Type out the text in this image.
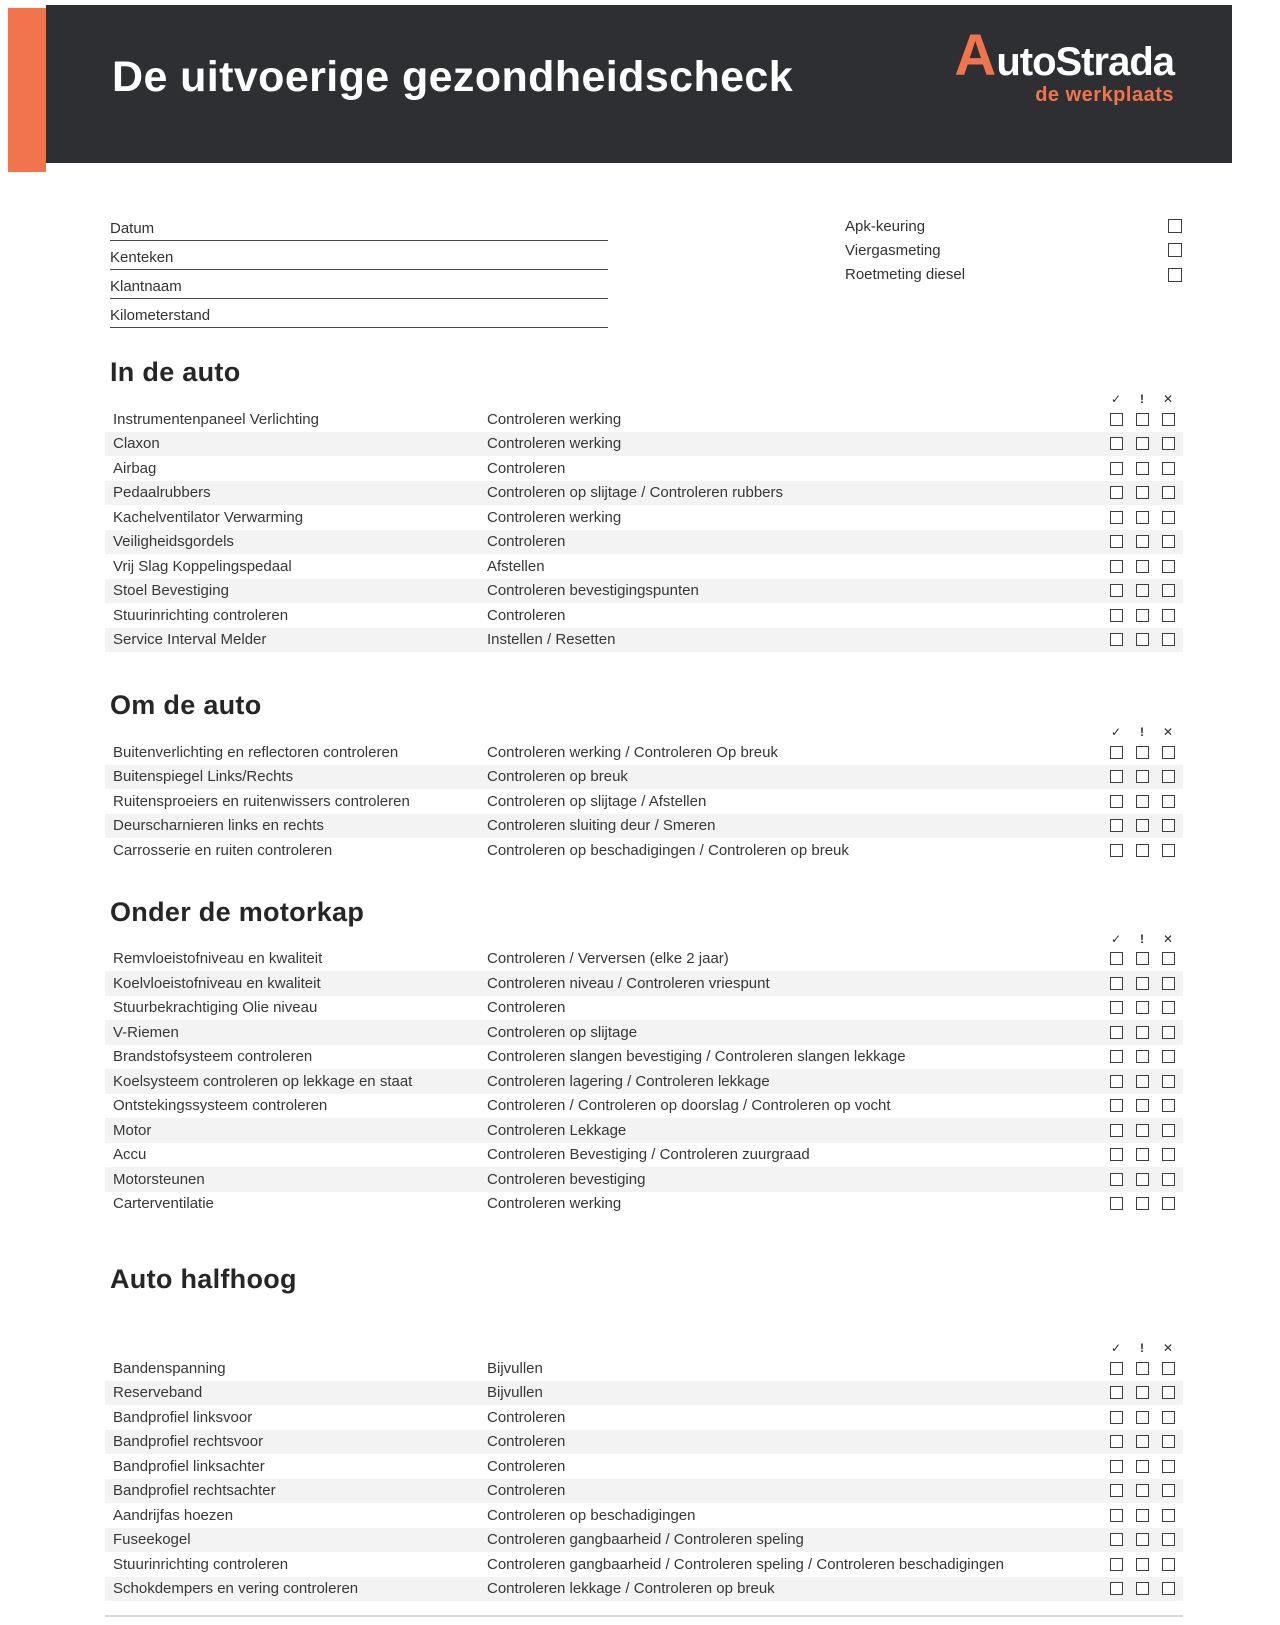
De uitvoerige gezondheidscheck	A utoStrada
de werkplaats
Datum
Kenteken
Klantnaam
Kilometerstand
Apk-keuring
Viergasmeting
Roetmeting diesel
In de auto
✓	!	✕
Instrumentenpaneel Verlichting	Controleren werking
Claxon	Controleren werking
Airbag	Controleren
Pedaalrubbers	Controleren op slijtage / Controleren rubbers
Kachelventilator Verwarming	Controleren werking
Veiligheidsgordels	Controleren
Vrij Slag Koppelingspedaal	Afstellen
Stoel Bevestiging	Controleren bevestigingspunten
Stuurinrichting controleren	Controleren
Service Interval Melder	Instellen / Resetten
Om de auto
✓	!	✕
Buitenverlichting en reflectoren controleren	Controleren werking / Controleren Op breuk
Buitenspiegel Links/Rechts	Controleren op breuk
Ruitensproeiers en ruitenwissers controleren	Controleren op slijtage / Afstellen
Deurscharnieren links en rechts	Controleren sluiting deur / Smeren
Carrosserie en ruiten controleren	Controleren op beschadigingen / Controleren op breuk
Onder de motorkap
✓	!	✕
Remvloeistofniveau en kwaliteit	Controleren / Verversen (elke 2 jaar)
Koelvloeistofniveau en kwaliteit	Controleren niveau / Controleren vriespunt
Stuurbekrachtiging Olie niveau	Controleren
V-Riemen	Controleren op slijtage
Brandstofsysteem controleren	Controleren slangen bevestiging / Controleren slangen lekkage
Koelsysteem controleren op lekkage en staat	Controleren lagering / Controleren lekkage
Ontstekingssysteem controleren	Controleren / Controleren op doorslag / Controleren op vocht
Motor	Controleren Lekkage
Accu	Controleren Bevestiging / Controleren zuurgraad
Motorsteunen	Controleren bevestiging
Carterventilatie	Controleren werking
Auto halfhoog
✓	!	✕
Bandenspanning	Bijvullen
Reserveband	Bijvullen
Bandprofiel linksvoor	Controleren
Bandprofiel rechtsvoor	Controleren
Bandprofiel linksachter	Controleren
Bandprofiel rechtsachter	Controleren
Aandrijfas hoezen	Controleren op beschadigingen
Fuseekogel	Controleren gangbaarheid / Controleren speling
Stuurinrichting controleren	Controleren gangbaarheid / Controleren speling / Controleren beschadigingen
Schokdempers en vering controleren	Controleren lekkage / Controleren op breuk
